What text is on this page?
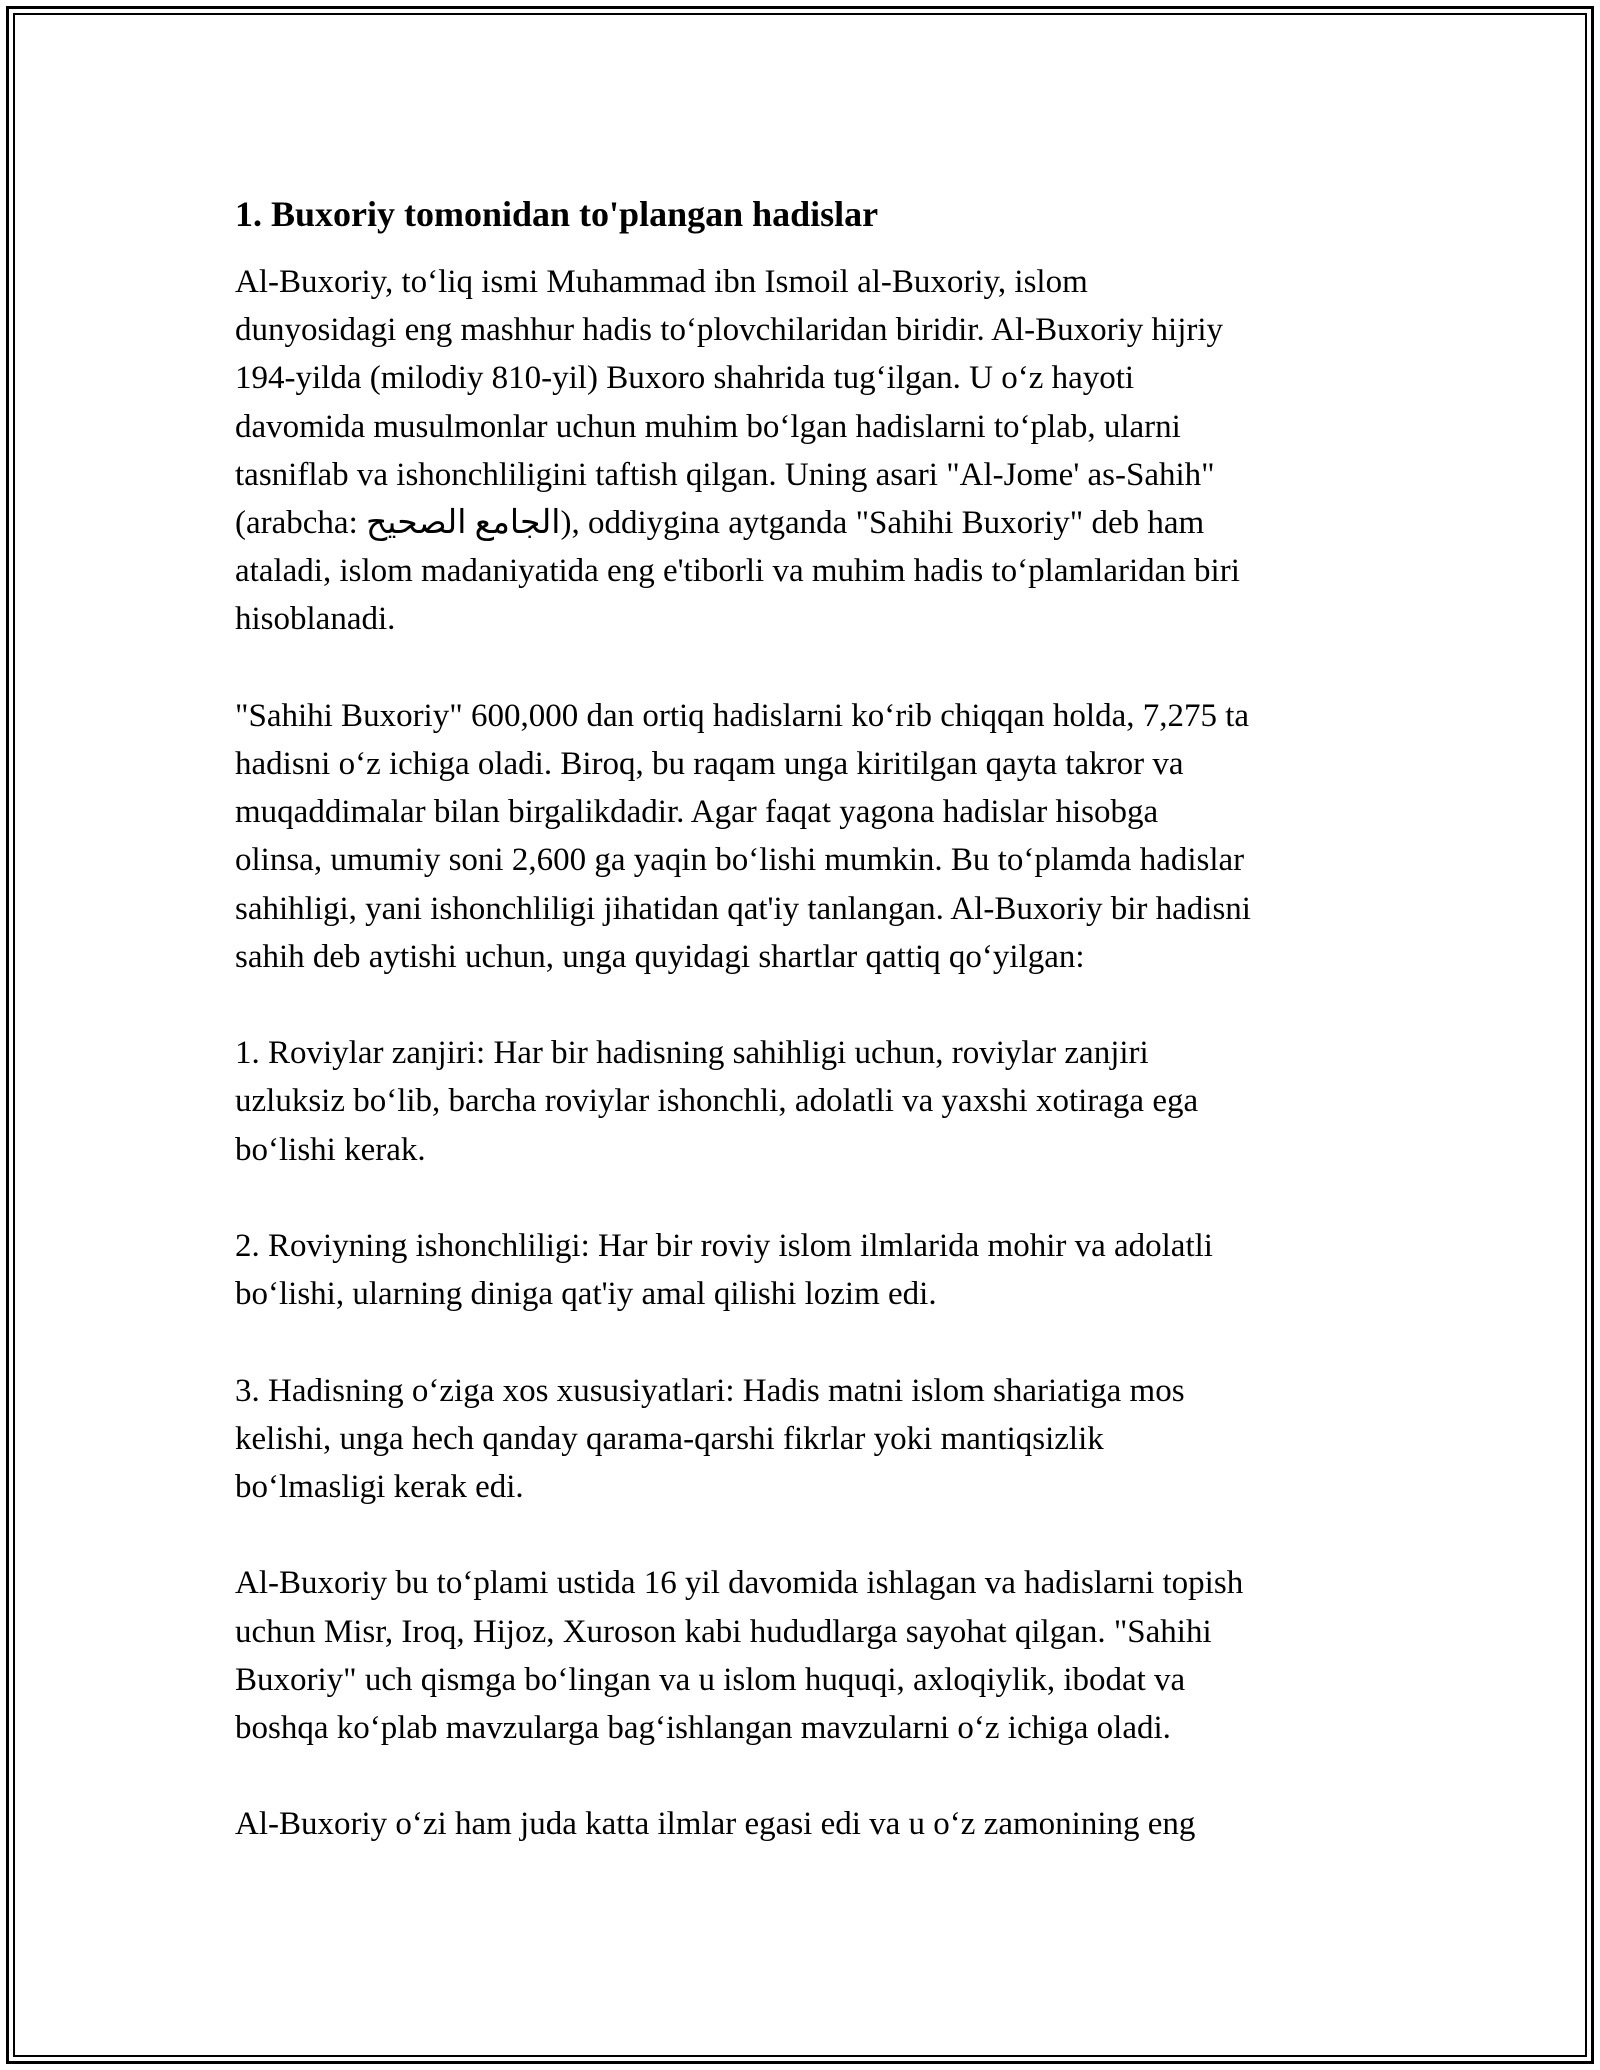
1. Buxoriy tomonidan to'plangan hadislar

Al-Buxoriy, to‘liq ismi Muhammad ibn Ismoil al-Buxoriy, islom
dunyosidagi eng mashhur hadis to‘plovchilaridan biridir. Al-Buxoriy hijriy
194-yilda (milodiy 810-yil) Buxoro shahrida tug‘ilgan. U o‘z hayoti
davomida musulmonlar uchun muhim bo‘lgan hadislarni to‘plab, ularni
tasniflab va ishonchliligini taftish qilgan. Uning asari "Al-Jome' as-Sahih"
(arabcha: الجامع الصحيح), oddiygina aytganda "Sahihi Buxoriy" deb ham
ataladi, islom madaniyatida eng e'tiborli va muhim hadis to‘plamlaridan biri
hisoblanadi.

"Sahihi Buxoriy" 600,000 dan ortiq hadislarni ko‘rib chiqqan holda, 7,275 ta
hadisni o‘z ichiga oladi. Biroq, bu raqam unga kiritilgan qayta takror va
muqaddimalar bilan birgalikdadir. Agar faqat yagona hadislar hisobga
olinsa, umumiy soni 2,600 ga yaqin bo‘lishi mumkin. Bu to‘plamda hadislar
sahihligi, yani ishonchliligi jihatidan qat'iy tanlangan. Al-Buxoriy bir hadisni
sahih deb aytishi uchun, unga quyidagi shartlar qattiq qo‘yilgan:

1. Roviylar zanjiri: Har bir hadisning sahihligi uchun, roviylar zanjiri
uzluksiz bo‘lib, barcha roviylar ishonchli, adolatli va yaxshi xotiraga ega
bo‘lishi kerak.

2. Roviyning ishonchliligi: Har bir roviy islom ilmlarida mohir va adolatli
bo‘lishi, ularning diniga qat'iy amal qilishi lozim edi.

3. Hadisning o‘ziga xos xususiyatlari: Hadis matni islom shariatiga mos
kelishi, unga hech qanday qarama-qarshi fikrlar yoki mantiqsizlik
bo‘lmasligi kerak edi.

Al-Buxoriy bu to‘plami ustida 16 yil davomida ishlagan va hadislarni topish
uchun Misr, Iroq, Hijoz, Xuroson kabi hududlarga sayohat qilgan. "Sahihi
Buxoriy" uch qismga bo‘lingan va u islom huquqi, axloqiylik, ibodat va
boshqa ko‘plab mavzularga bag‘ishlangan mavzularni o‘z ichiga oladi.

Al-Buxoriy o‘zi ham juda katta ilmlar egasi edi va u o‘z zamonining eng
